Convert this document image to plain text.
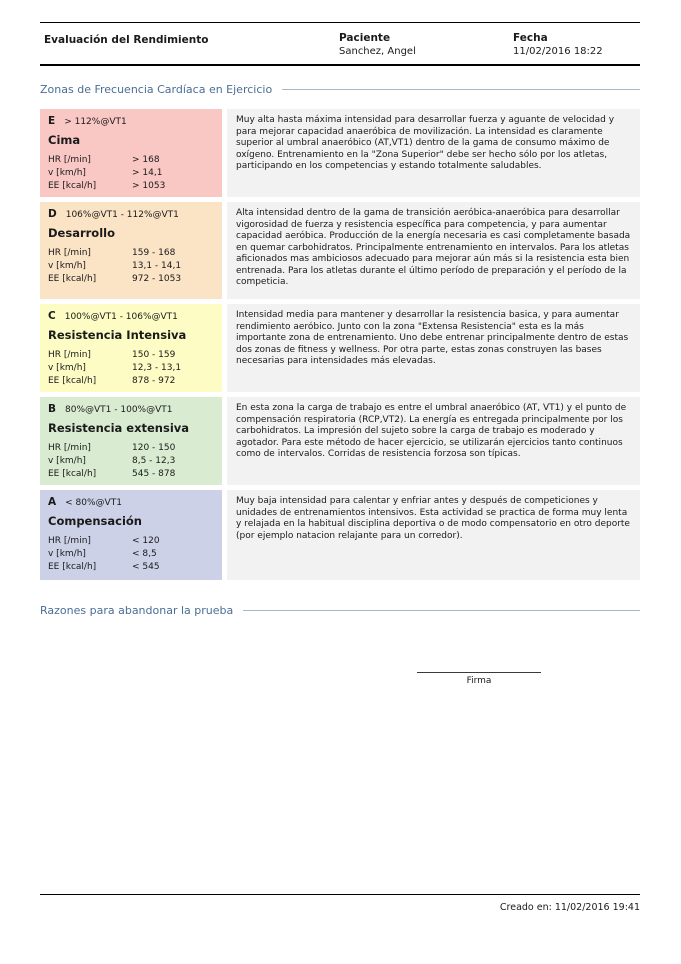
Evaluación del Rendimiento	Paciente
Sanchez, Angel
Fecha
11/02/2016 18:22
Zonas de Frecuencia Cardíaca en Ejercicio
E > 112%@VT1
Cima
HR [/min]	> 168
v [km/h]	> 14,1
EE [kcal/h]	> 1053
Muy alta hasta máxima intensidad para desarrollar fuerza y aguante de velocidad y para mejorar capacidad anaeróbica de movilización. La intensidad es claramente superior al umbral anaeróbico (AT,VT1) dentro de la gama de consumo máximo de oxígeno. Entrenamiento en la "Zona Superior" debe ser hecho sólo por los atletas, participando en los competencias y estando totalmente saludables.
D 106%@VT1 - 112%@VT1
Desarrollo
HR [/min]	159 - 168
v [km/h]	13,1 - 14,1
EE [kcal/h]	972 - 1053
Alta intensidad dentro de la gama de transición aeróbica-anaeróbica para desarrollar vigorosidad de fuerza y resistencia específica para competencia, y para aumentar capacidad aeróbica. Producción de la energía necesaria es casi completamente basada en quemar carbohidratos. Principalmente entrenamiento en intervalos. Para los atletas aficionados mas ambiciosos adecuado para mejorar aún más si la resistencia esta bien entrenada. Para los atletas durante el último período de preparación y el período de la competicia.
C 100%@VT1 - 106%@VT1
Resistencia Intensiva
HR [/min]	150 - 159
v [km/h]	12,3 - 13,1
EE [kcal/h]	878 - 972
Intensidad media para mantener y desarrollar la resistencia basica, y para aumentar rendimiento aeróbico. Junto con la zona "Extensa Resistencia" esta es la más importante zona de entrenamiento. Uno debe entrenar principalmente dentro de estas dos zonas de fitness y wellness. Por otra parte, estas zonas construyen las bases necesarias para intensidades más elevadas.
B 80%@VT1 - 100%@VT1
Resistencia extensiva
HR [/min]	120 - 150
v [km/h]	8,5 - 12,3
EE [kcal/h]	545 - 878
En esta zona la carga de trabajo es entre el umbral anaeróbico (AT, VT1) y el punto de compensación respiratoria (RCP,VT2). La energía es entregada principalmente por los carbohidratos. La impresión del sujeto sobre la carga de trabajo es moderado y agotador. Para este método de hacer ejercicio, se utilizarán ejercicios tanto continuos como de intervalos. Corridas de resistencia forzosa son típicas.
A < 80%@VT1
Compensación
HR [/min]	< 120
v [km/h]	< 8,5
EE [kcal/h]	< 545
Muy baja intensidad para calentar y enfriar antes y después de competiciones y unidades de entrenamientos intensivos. Esta actividad se practica de forma muy lenta y relajada en la habitual disciplina deportiva o de modo compensatorio en otro deporte (por ejemplo natacion relajante para un corredor).
Razones para abandonar la prueba
Firma
Creado en: 11/02/2016 19:41
